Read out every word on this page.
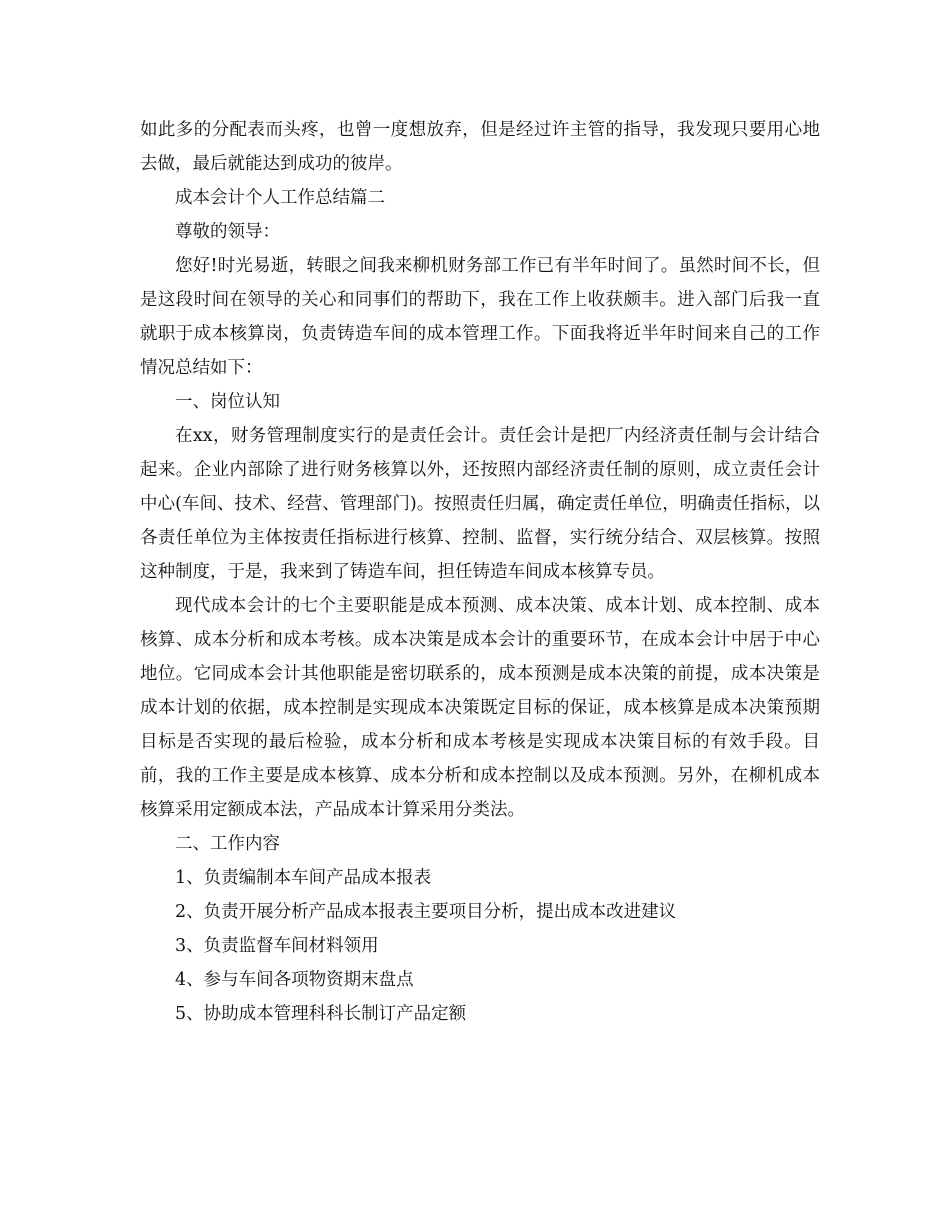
如此多的分配表而头疼，也曾一度想放弃，但是经过许主管的指导，我发现只要用心地去做，最后就能达到成功的彼岸。

成本会计个人工作总结篇二

尊敬的领导：

您好!时光易逝，转眼之间我来柳机财务部工作已有半年时间了。虽然时间不长，但是这段时间在领导的关心和同事们的帮助下，我在工作上收获颇丰。进入部门后我一直就职于成本核算岗，负责铸造车间的成本管理工作。下面我将近半年时间来自己的工作情况总结如下：

一、岗位认知

在xx，财务管理制度实行的是责任会计。责任会计是把厂内经济责任制与会计结合起来。企业内部除了进行财务核算以外，还按照内部经济责任制的原则，成立责任会计中心(车间、技术、经营、管理部门)。按照责任归属，确定责任单位，明确责任指标，以各责任单位为主体按责任指标进行核算、控制、监督，实行统分结合、双层核算。按照这种制度，于是，我来到了铸造车间，担任铸造车间成本核算专员。

现代成本会计的七个主要职能是成本预测、成本决策、成本计划、成本控制、成本核算、成本分析和成本考核。成本决策是成本会计的重要环节，在成本会计中居于中心地位。它同成本会计其他职能是密切联系的，成本预测是成本决策的前提，成本决策是成本计划的依据，成本控制是实现成本决策既定目标的保证，成本核算是成本决策预期目标是否实现的最后检验，成本分析和成本考核是实现成本决策目标的有效手段。目前，我的工作主要是成本核算、成本分析和成本控制以及成本预测。另外，在柳机成本核算采用定额成本法，产品成本计算采用分类法。

二、工作内容

1、负责编制本车间产品成本报表

2、负责开展分析产品成本报表主要项目分析，提出成本改进建议

3、负责监督车间材料领用

4、参与车间各项物资期末盘点

5、协助成本管理科科长制订产品定额
